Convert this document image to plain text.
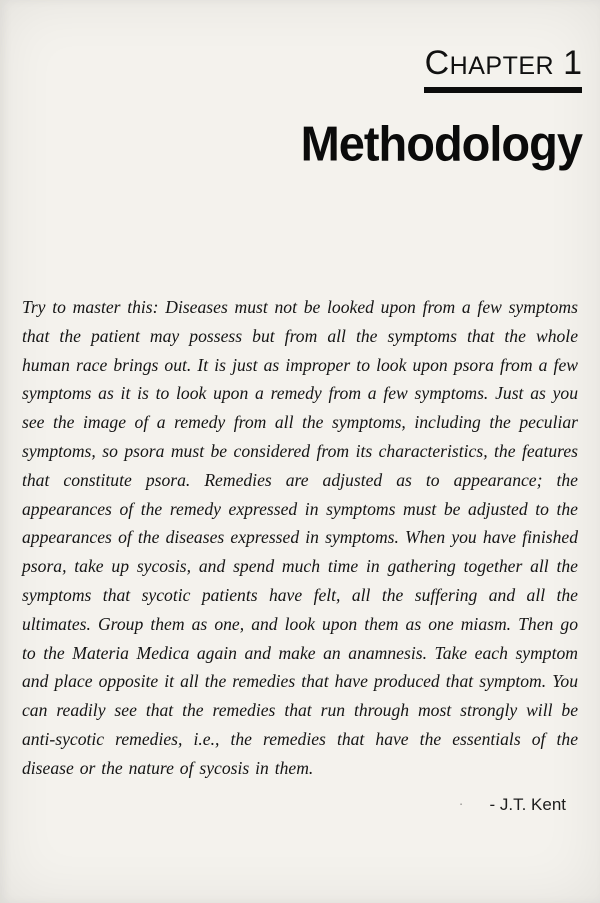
CHAPTER 1
Methodology

Try to master this: Diseases must not be looked upon from a few symptoms that the patient may possess but from all the symptoms that the whole human race brings out. It is just as improper to look upon psora from a few symptoms as it is to look upon a remedy from a few symptoms. Just as you see the image of a remedy from all the symptoms, including the peculiar symptoms, so psora must be considered from its characteristics, the features that constitute psora. Remedies are adjusted as to appearance; the appearances of the remedy expressed in symptoms must be adjusted to the appearances of the diseases expressed in symptoms. When you have finished psora, take up sycosis, and spend much time in gathering together all the symptoms that sycotic patients have felt, all the suffering and all the ultimates. Group them as one, and look upon them as one miasm. Then go to the Materia Medica again and make an anamnesis. Take each symptom and place opposite it all the remedies that have produced that symptom. You can readily see that the remedies that run through most strongly will be anti-sycotic remedies, i.e., the remedies that have the essentials of the disease or the nature of sycosis in them.

· - J.T. Kent
